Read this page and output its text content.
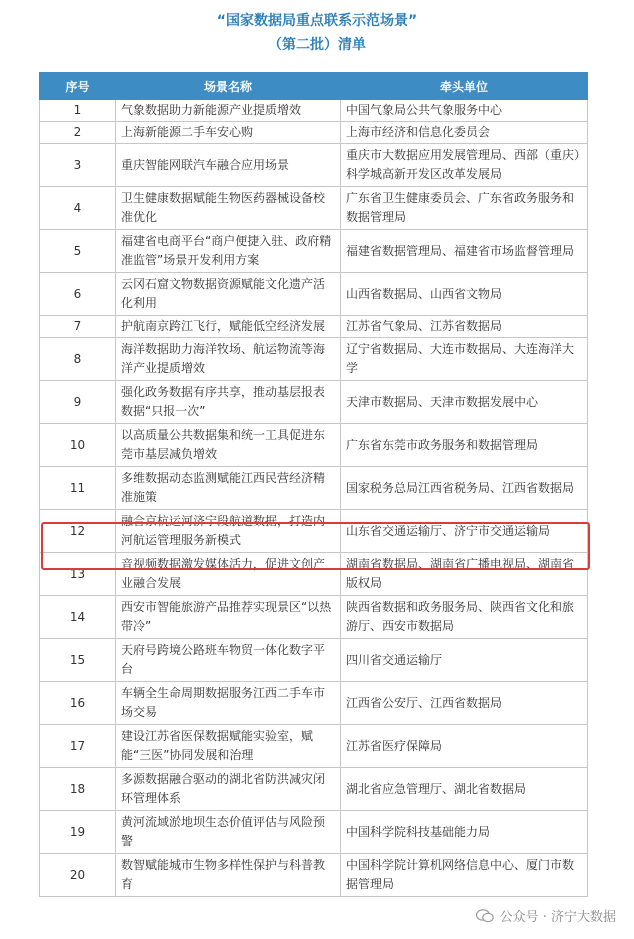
“国家数据局重点联系示范场景”
（第二批）清单
序号	场景名称	牵头单位
1	气象数据助力新能源产业提质增效	中国气象局公共气象服务中心
2	上海新能源二手车安心购	上海市经济和信息化委员会
3	重庆智能网联汽车融合应用场景	重庆市大数据应用发展管理局、西部（重庆）科学城高新开发区改革发展局
4	卫生健康数据赋能生物医药器械设备校准优化	广东省卫生健康委员会、广东省政务服务和数据管理局
5	福建省电商平台“商户便捷入驻、政府精准监管”场景开发利用方案	福建省数据管理局、福建省市场监督管理局
6	云冈石窟文物数据资源赋能文化遗产活化利用	山西省数据局、山西省文物局
7	护航南京跨江飞行，赋能低空经济发展	江苏省气象局、江苏省数据局
8	海洋数据助力海洋牧场、航运物流等海洋产业提质增效	辽宁省数据局、大连市数据局、大连海洋大学
9	强化政务数据有序共享，推动基层报表数据“只报一次”	天津市数据局、天津市数据发展中心
10	以高质量公共数据集和统一工具促进东莞市基层减负增效	广东省东莞市政务服务和数据管理局
11	多维数据动态监测赋能江西民营经济精准施策	国家税务总局江西省税务局、江西省数据局
12	融合京杭运河济宁段航道数据，打造内河航运管理服务新模式	山东省交通运输厅、济宁市交通运输局
13	音视频数据激发媒体活力，促进文创产业融合发展	湖南省数据局、湖南省广播电视局、湖南省版权局
14	西安市智能旅游产品推荐实现景区“以热带冷”	陕西省数据和政务服务局、陕西省文化和旅游厅、西安市数据局
15	天府号跨境公路班车物贸一体化数字平台	四川省交通运输厅
16	车辆全生命周期数据服务江西二手车市场交易	江西省公安厅、江西省数据局
17	建设江苏省医保数据赋能实验室，赋能“三医”协同发展和治理	江苏省医疗保障局
18	多源数据融合驱动的湖北省防洪减灾闭环管理体系	湖北省应急管理厅、湖北省数据局
19	黄河流域淤地坝生态价值评估与风险预警	中国科学院科技基础能力局
20	数智赋能城市生物多样性保护与科普教育	中国科学院计算机网络信息中心、厦门市数据管理局
公众号 · 济宁大数据
